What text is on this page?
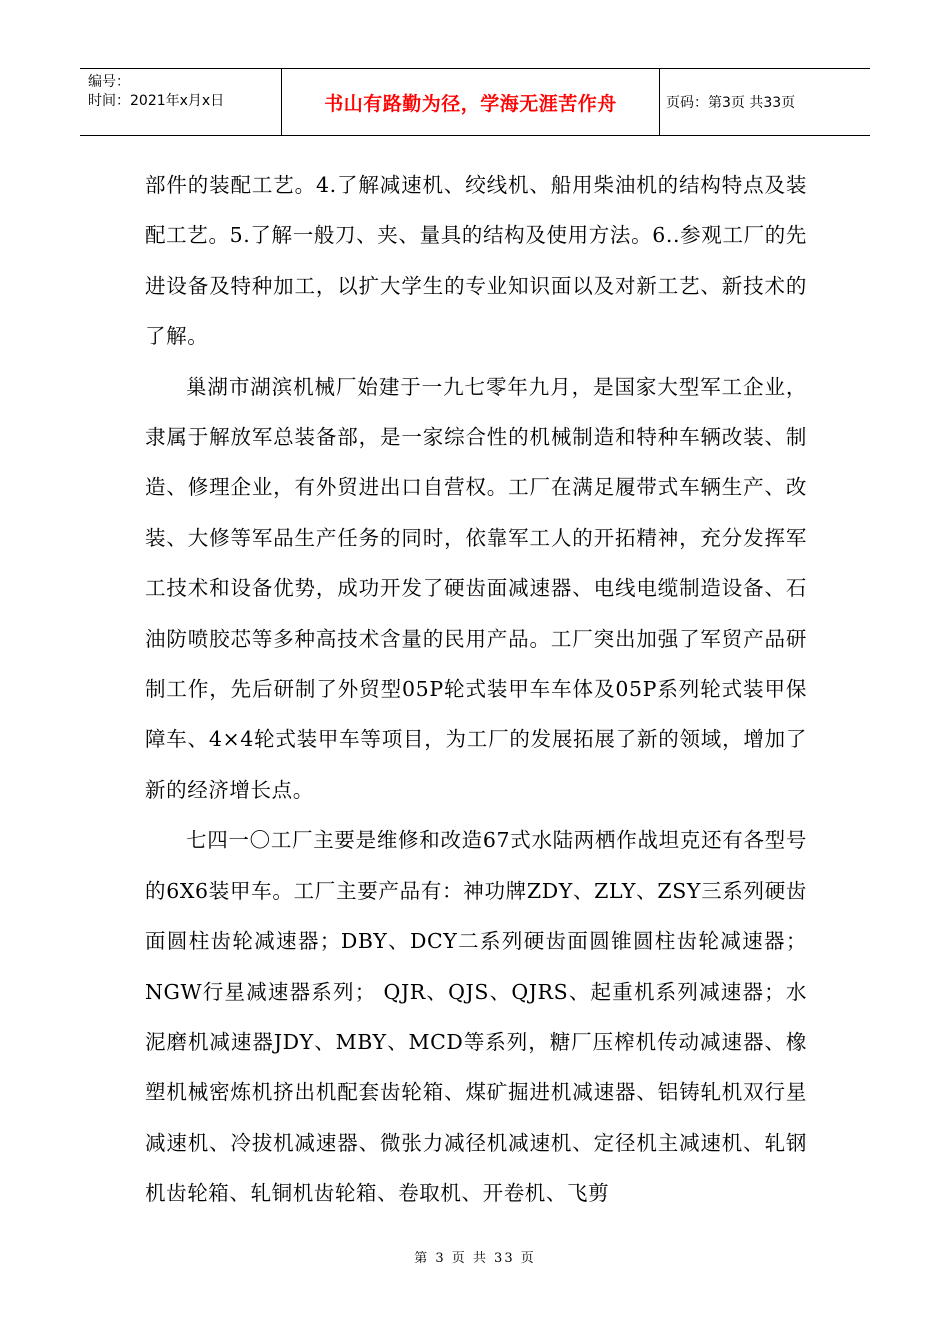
编号：
时间：2021年x月x日	书山有路勤为径，学海无涯苦作舟	页码：第3页 共33页

部件的装配工艺。4.了解减速机、绞线机、船用柴油机的结构特点及装配工艺。5.了解一般刀、夹、量具的结构及使用方法。6..参观工厂的先进设备及特种加工，以扩大学生的专业知识面以及对新工艺、新技术的了解。

巢湖市湖滨机械厂始建于一九七零年九月，是国家大型军工企业，隶属于解放军总装备部，是一家综合性的机械制造和特种车辆改装、制造、修理企业，有外贸进出口自营权。工厂在满足履带式车辆生产、改装、大修等军品生产任务的同时，依靠军工人的开拓精神，充分发挥军工技术和设备优势，成功开发了硬齿面减速器、电线电缆制造设备、石油防喷胶芯等多种高技术含量的民用产品。工厂突出加强了军贸产品研制工作，先后研制了外贸型05P轮式装甲车车体及05P系列轮式装甲保障车、4×4轮式装甲车等项目，为工厂的发展拓展了新的领域，增加了新的经济增长点。

七四一〇工厂主要是维修和改造67式水陆两栖作战坦克还有各型号的6X6装甲车。工厂主要产品有：神功牌ZDY、ZLY、ZSY三系列硬齿面圆柱齿轮减速器；DBY、DCY二系列硬齿面圆锥圆柱齿轮减速器；NGW行星减速器系列； QJR、QJS、QJRS、起重机系列减速器；水泥磨机减速器JDY、MBY、MCD等系列，糖厂压榨机传动减速器、橡塑机械密炼机挤出机配套齿轮箱、煤矿掘进机减速器、铝铸轧机双行星减速机、冷拔机减速器、微张力减径机减速机、定径机主减速机、轧钢机齿轮箱、轧铜机齿轮箱、卷取机、开卷机、飞剪

第 3 页 共 33 页
